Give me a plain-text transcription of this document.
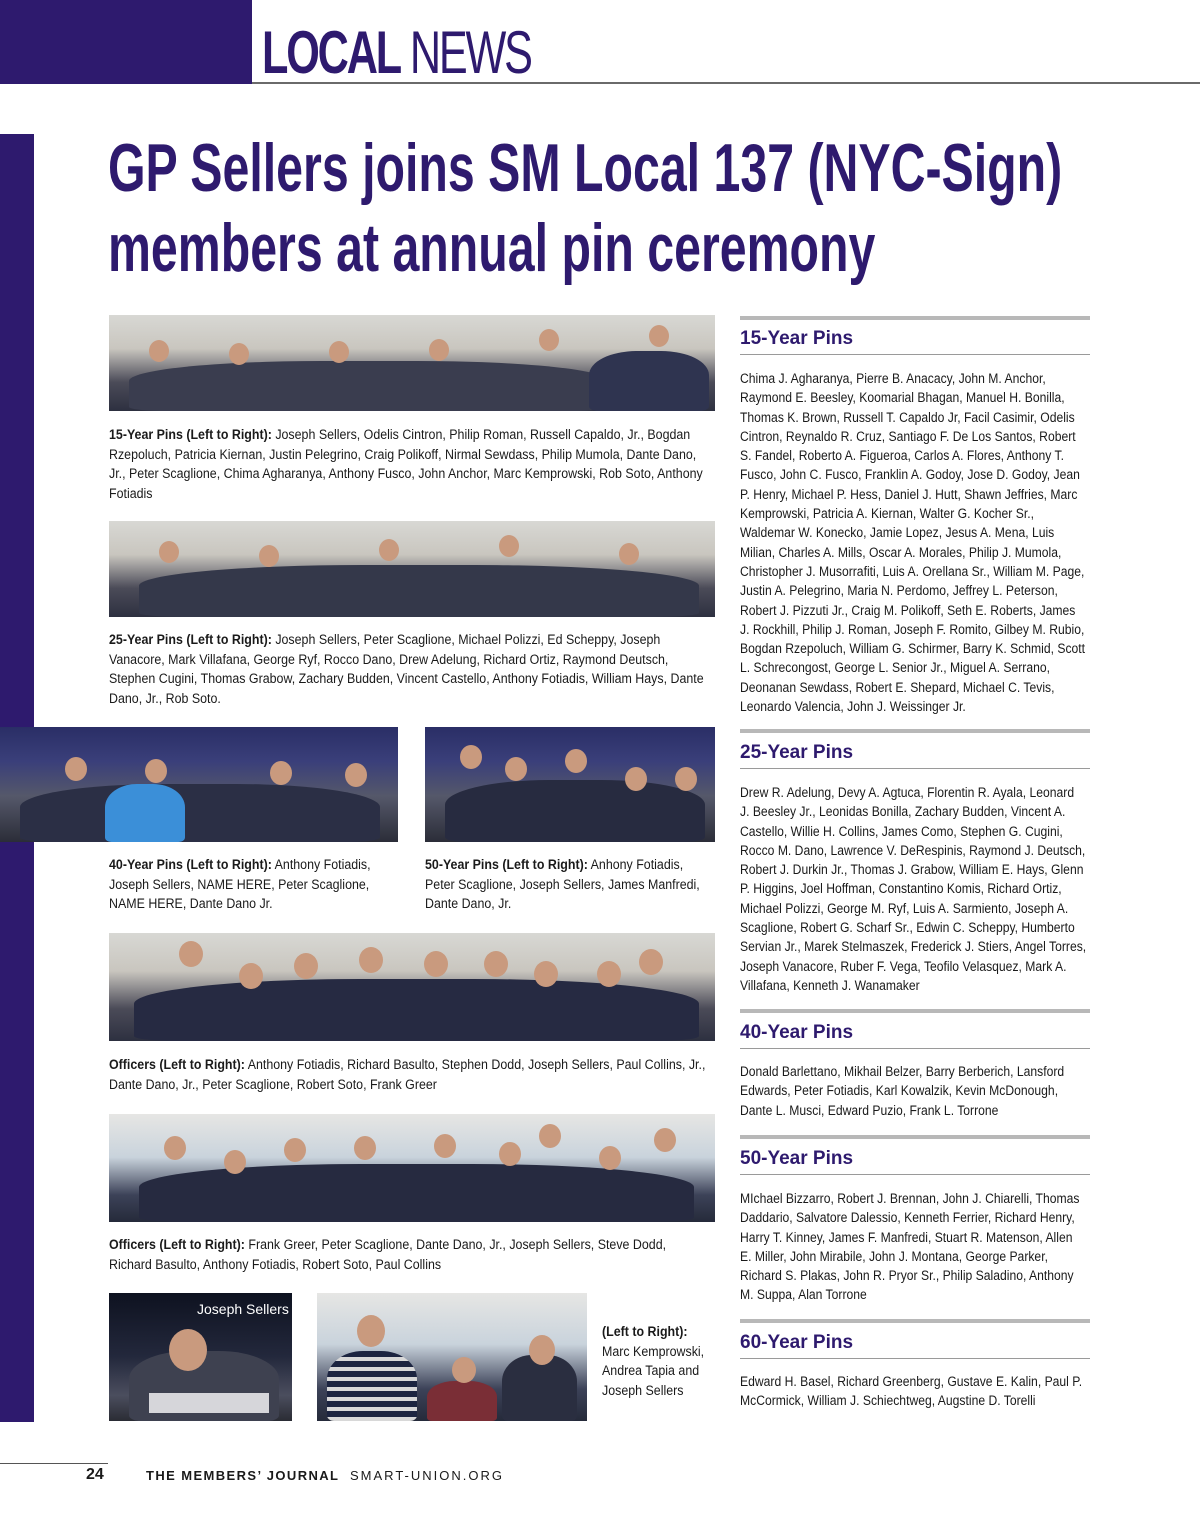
LOCAL NEWS
GP Sellers joins SM Local 137 (NYC-Sign)
members at annual pin ceremony
15-Year Pins (Left to Right): Joseph Sellers, Odelis Cintron, Philip Roman, Russell Capaldo, Jr., Bogdan Rzepoluch, Patricia Kiernan, Justin Pelegrino, Craig Polikoff, Nirmal Sewdass, Philip Mumola, Dante Dano, Jr., Peter Scaglione, Chima Agharanya, Anthony Fusco, John Anchor, Marc Kemprowski, Rob Soto, Anthony Fotiadis
25-Year Pins (Left to Right): Joseph Sellers, Peter Scaglione, Michael Polizzi, Ed Scheppy, Joseph Vanacore, Mark Villafana, George Ryf, Rocco Dano, Drew Adelung, Richard Ortiz, Raymond Deutsch, Stephen Cugini, Thomas Grabow, Zachary Budden, Vincent Castello, Anthony Fotiadis, William Hays, Dante Dano, Jr., Rob Soto.
40-Year Pins (Left to Right): Anthony Fotiadis, Joseph Sellers, NAME HERE, Peter Scaglione, NAME HERE, Dante Dano Jr.
50-Year Pins (Left to Right): Anhony Fotiadis, Peter Scaglione, Joseph Sellers, James Manfredi, Dante Dano, Jr.
Officers (Left to Right): Anthony Fotiadis, Richard Basulto, Stephen Dodd, Joseph Sellers, Paul Collins, Jr., Dante Dano, Jr., Peter Scaglione, Robert Soto, Frank Greer
Officers (Left to Right): Frank Greer, Peter Scaglione, Dante Dano, Jr., Joseph Sellers, Steve Dodd, Richard Basulto, Anthony Fotiadis, Robert Soto, Paul Collins
Joseph Sellers
(Left to Right):
Marc Kemprowski, Andrea Tapia and Joseph Sellers
15-Year Pins
Chima J. Agharanya, Pierre B. Anacacy, John M. Anchor, Raymond E. Beesley, Koomarial Bhagan, Manuel H. Bonilla, Thomas K. Brown, Russell T. Capaldo Jr, Facil Casimir, Odelis Cintron, Reynaldo R. Cruz, Santiago F. De Los Santos, Robert S. Fandel, Roberto A. Figueroa, Carlos A. Flores, Anthony T. Fusco, John C. Fusco, Franklin A. Godoy, Jose D. Godoy, Jean P. Henry, Michael P. Hess, Daniel J. Hutt, Shawn Jeffries, Marc Kemprowski, Patricia A. Kiernan, Walter G. Kocher Sr., Waldemar W. Konecko, Jamie Lopez, Jesus A. Mena, Luis Milian, Charles A. Mills, Oscar A. Morales, Philip J. Mumola, Christopher J. Musorrafiti, Luis A. Orellana Sr., William M. Page, Justin A. Pelegrino, Maria N. Perdomo, Jeffrey L. Peterson, Robert J. Pizzuti Jr., Craig M. Polikoff, Seth E. Roberts, James J. Rockhill, Philip J. Roman, Joseph F. Romito, Gilbey M. Rubio, Bogdan Rzepoluch, William G. Schirmer, Barry K. Schmid, Scott L. Schrecongost, George L. Senior Jr., Miguel A. Serrano, Deonanan Sewdass, Robert E. Shepard, Michael C. Tevis, Leonardo Valencia, John J. Weissinger Jr.
25-Year Pins
Drew R. Adelung, Devy A. Agtuca, Florentin R. Ayala, Leonard J. Beesley Jr., Leonidas Bonilla, Zachary Budden, Vincent A. Castello, Willie H. Collins, James Como, Stephen G. Cugini, Rocco M. Dano, Lawrence V. DeRespinis, Raymond J. Deutsch, Robert J. Durkin Jr., Thomas J. Grabow, William E. Hays, Glenn P. Higgins, Joel Hoffman, Constantino Komis, Richard Ortiz, Michael Polizzi, George M. Ryf, Luis A. Sarmiento, Joseph A. Scaglione, Robert G. Scharf Sr., Edwin C. Scheppy, Humberto Servian Jr., Marek Stelmaszek, Frederick J. Stiers, Angel Torres, Joseph Vanacore, Ruber F. Vega, Teofilo Velasquez, Mark A. Villafana, Kenneth J. Wanamaker
40-Year Pins
Donald Barlettano, Mikhail Belzer, Barry Berberich, Lansford Edwards, Peter Fotiadis, Karl Kowalzik, Kevin McDonough, Dante L. Musci, Edward Puzio, Frank L. Torrone
50-Year Pins
MIchael Bizzarro, Robert J. Brennan, John J. Chiarelli, Thomas Daddario, Salvatore Dalessio, Kenneth Ferrier, Richard Henry, Harry T. Kinney, James F. Manfredi, Stuart R. Matenson, Allen E. Miller, John Mirabile, John J. Montana, George Parker, Richard S. Plakas, John R. Pryor Sr., Philip Saladino, Anthony M. Suppa, Alan Torrone
60-Year Pins
Edward H. Basel, Richard Greenberg, Gustave E. Kalin, Paul P. McCormick, William J. Schiechtweg, Augstine D. Torelli
24	THE MEMBERS’ JOURNAL SMART-UNION.ORG
